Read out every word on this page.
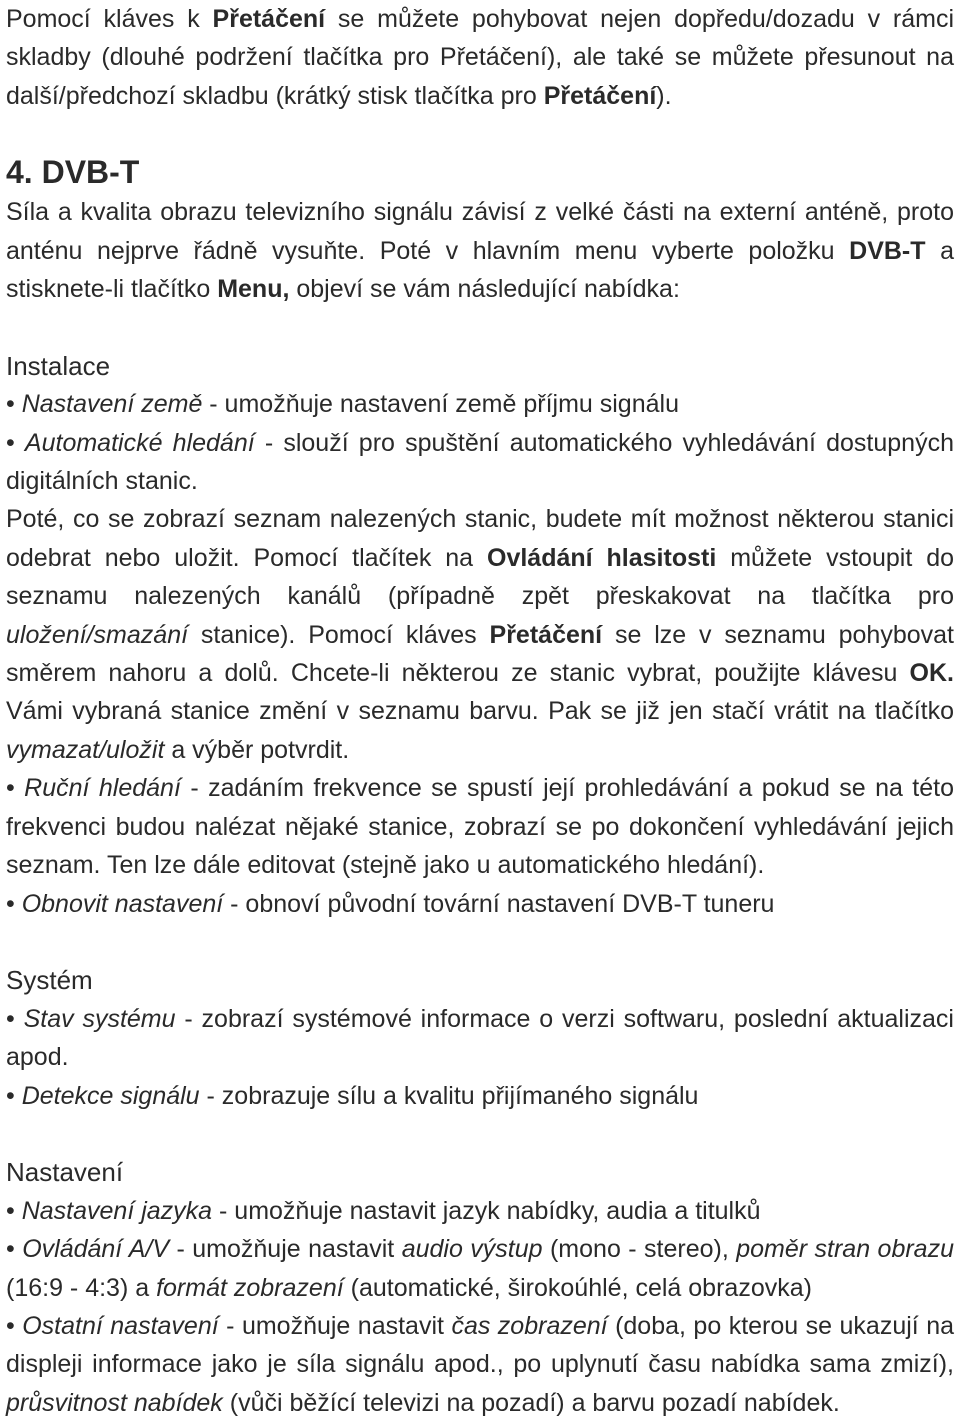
Pomocí kláves k Přetáčení se můžete pohybovat nejen dopředu/dozadu v rámci skladby (dlouhé podržení tlačítka pro Přetáčení), ale také se můžete přesunout na další/předchozí skladbu (krátký stisk tlačítka pro Přetáčení).

4. DVB-T

Síla a kvalita obrazu televizního signálu závisí z velké části na externí anténě, proto anténu nejprve řádně vysuňte. Poté v hlavním menu vyberte položku DVB-T a stisknete-li tlačítko Menu, objeví se vám následující nabídka:

Instalace

• Nastavení země - umožňuje nastavení země příjmu signálu

• Automatické hledání - slouží pro spuštění automatického vyhledávání dostupných digitálních stanic.

Poté, co se zobrazí seznam nalezených stanic, budete mít možnost některou stanici odebrat nebo uložit. Pomocí tlačítek na Ovládání hlasitosti můžete vstoupit do seznamu nalezených kanálů (případně zpět přeskakovat na tlačítka pro uložení/smazání stanice). Pomocí kláves Přetáčení se lze v seznamu pohybovat směrem nahoru a dolů. Chcete-li některou ze stanic vybrat, použijte klávesu OK. Vámi vybraná stanice změní v seznamu barvu. Pak se již jen stačí vrátit na tlačítko vymazat/uložit a výběr potvrdit.

• Ruční hledání - zadáním frekvence se spustí její prohledávání a pokud se na této frekvenci budou nalézat nějaké stanice, zobrazí se po dokončení vyhledávání jejich seznam. Ten lze dále editovat (stejně jako u automatického hledání).

• Obnovit nastavení - obnoví původní tovární nastavení DVB-T tuneru

Systém

• Stav systému - zobrazí systémové informace o verzi softwaru, poslední aktualizaci apod.

• Detekce signálu - zobrazuje sílu a kvalitu přijímaného signálu

Nastavení

• Nastavení jazyka - umožňuje nastavit jazyk nabídky, audia a titulků

• Ovládání A/V - umožňuje nastavit audio výstup (mono - stereo), poměr stran obrazu (16:9 - 4:3) a formát zobrazení (automatické, širokoúhlé, celá obrazovka)

• Ostatní nastavení - umožňuje nastavit čas zobrazení (doba, po kterou se ukazují na displeji informace jako je síla signálu apod., po uplynutí času nabídka sama zmizí), průsvitnost nabídek (vůči běžící televizi na pozadí) a barvu pozadí nabídek.
